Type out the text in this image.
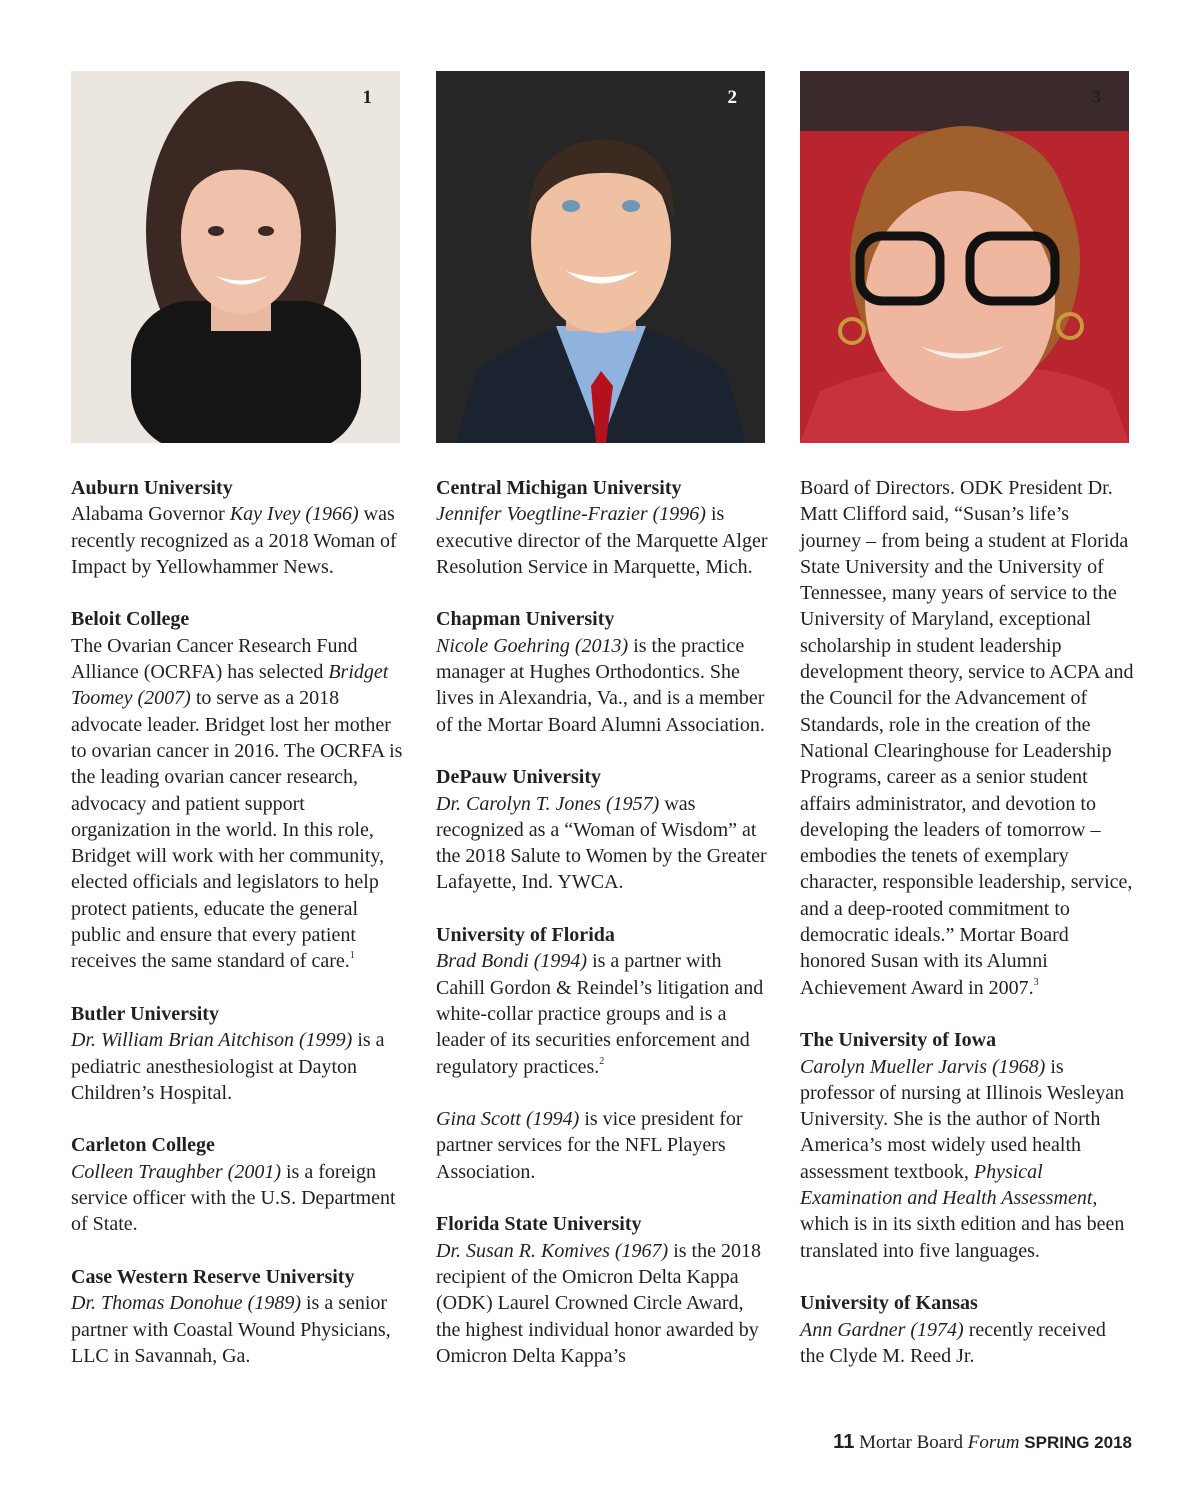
1	2	3

Auburn University
Alabama Governor Kay Ivey (1966) was recently recognized as a 2018 Woman of Impact by Yellowhammer News.

Beloit College
The Ovarian Cancer Research Fund Alliance (OCRFA) has selected Bridget Toomey (2007) to serve as a 2018 advocate leader. Bridget lost her mother to ovarian cancer in 2016. The OCRFA is the leading ovarian cancer research, advocacy and patient support organization in the world. In this role, Bridget will work with her community, elected officials and legislators to help protect patients, educate the general public and ensure that every patient receives the same standard of care.$^1$

Butler University
Dr. William Brian Aitchison (1999) is a pediatric anesthesiologist at Dayton Children’s Hospital.

Carleton College
Colleen Traughber (2001) is a foreign service officer with the U.S. Department of State.

Case Western Reserve University
Dr. Thomas Donohue (1989) is a senior partner with Coastal Wound Physicians, LLC in Savannah, Ga.

Central Michigan University
Jennifer Voegtline-Frazier (1996) is executive director of the Marquette Alger Resolution Service in Marquette, Mich.

Chapman University
Nicole Goehring (2013) is the practice manager at Hughes Orthodontics. She lives in Alexandria, Va., and is a member of the Mortar Board Alumni Association.

DePauw University
Dr. Carolyn T. Jones (1957) was recognized as a “Woman of Wisdom” at the 2018 Salute to Women by the Greater Lafayette, Ind. YWCA.

University of Florida
Brad Bondi (1994) is a partner with Cahill Gordon & Reindel’s litigation and white-collar practice groups and is a leader of its securities enforcement and regulatory practices.$^2$

Gina Scott (1994) is vice president for partner services for the NFL Players Association.

Florida State University
Dr. Susan R. Komives (1967) is the 2018 recipient of the Omicron Delta Kappa (ODK) Laurel Crowned Circle Award, the highest individual honor awarded by Omicron Delta Kappa’s

Board of Directors. ODK President Dr. Matt Clifford said, “Susan’s life’s journey – from being a student at Florida State University and the University of Tennessee, many years of service to the University of Maryland, exceptional scholarship in student leadership development theory, service to ACPA and the Council for the Advancement of Standards, role in the creation of the National Clearinghouse for Leadership Programs, career as a senior student affairs administrator, and devotion to developing the leaders of tomorrow – embodies the tenets of exemplary character, responsible leadership, service, and a deep-rooted commitment to democratic ideals.” Mortar Board honored Susan with its Alumni Achievement Award in 2007.$^3$

The University of Iowa
Carolyn Mueller Jarvis (1968) is professor of nursing at Illinois Wesleyan University. She is the author of North America’s most widely used health assessment textbook, Physical Examination and Health Assessment, which is in its sixth edition and has been translated into five languages.

University of Kansas
Ann Gardner (1974) recently received the Clyde M. Reed Jr.

11 Mortar Board Forum SPRING 2018
